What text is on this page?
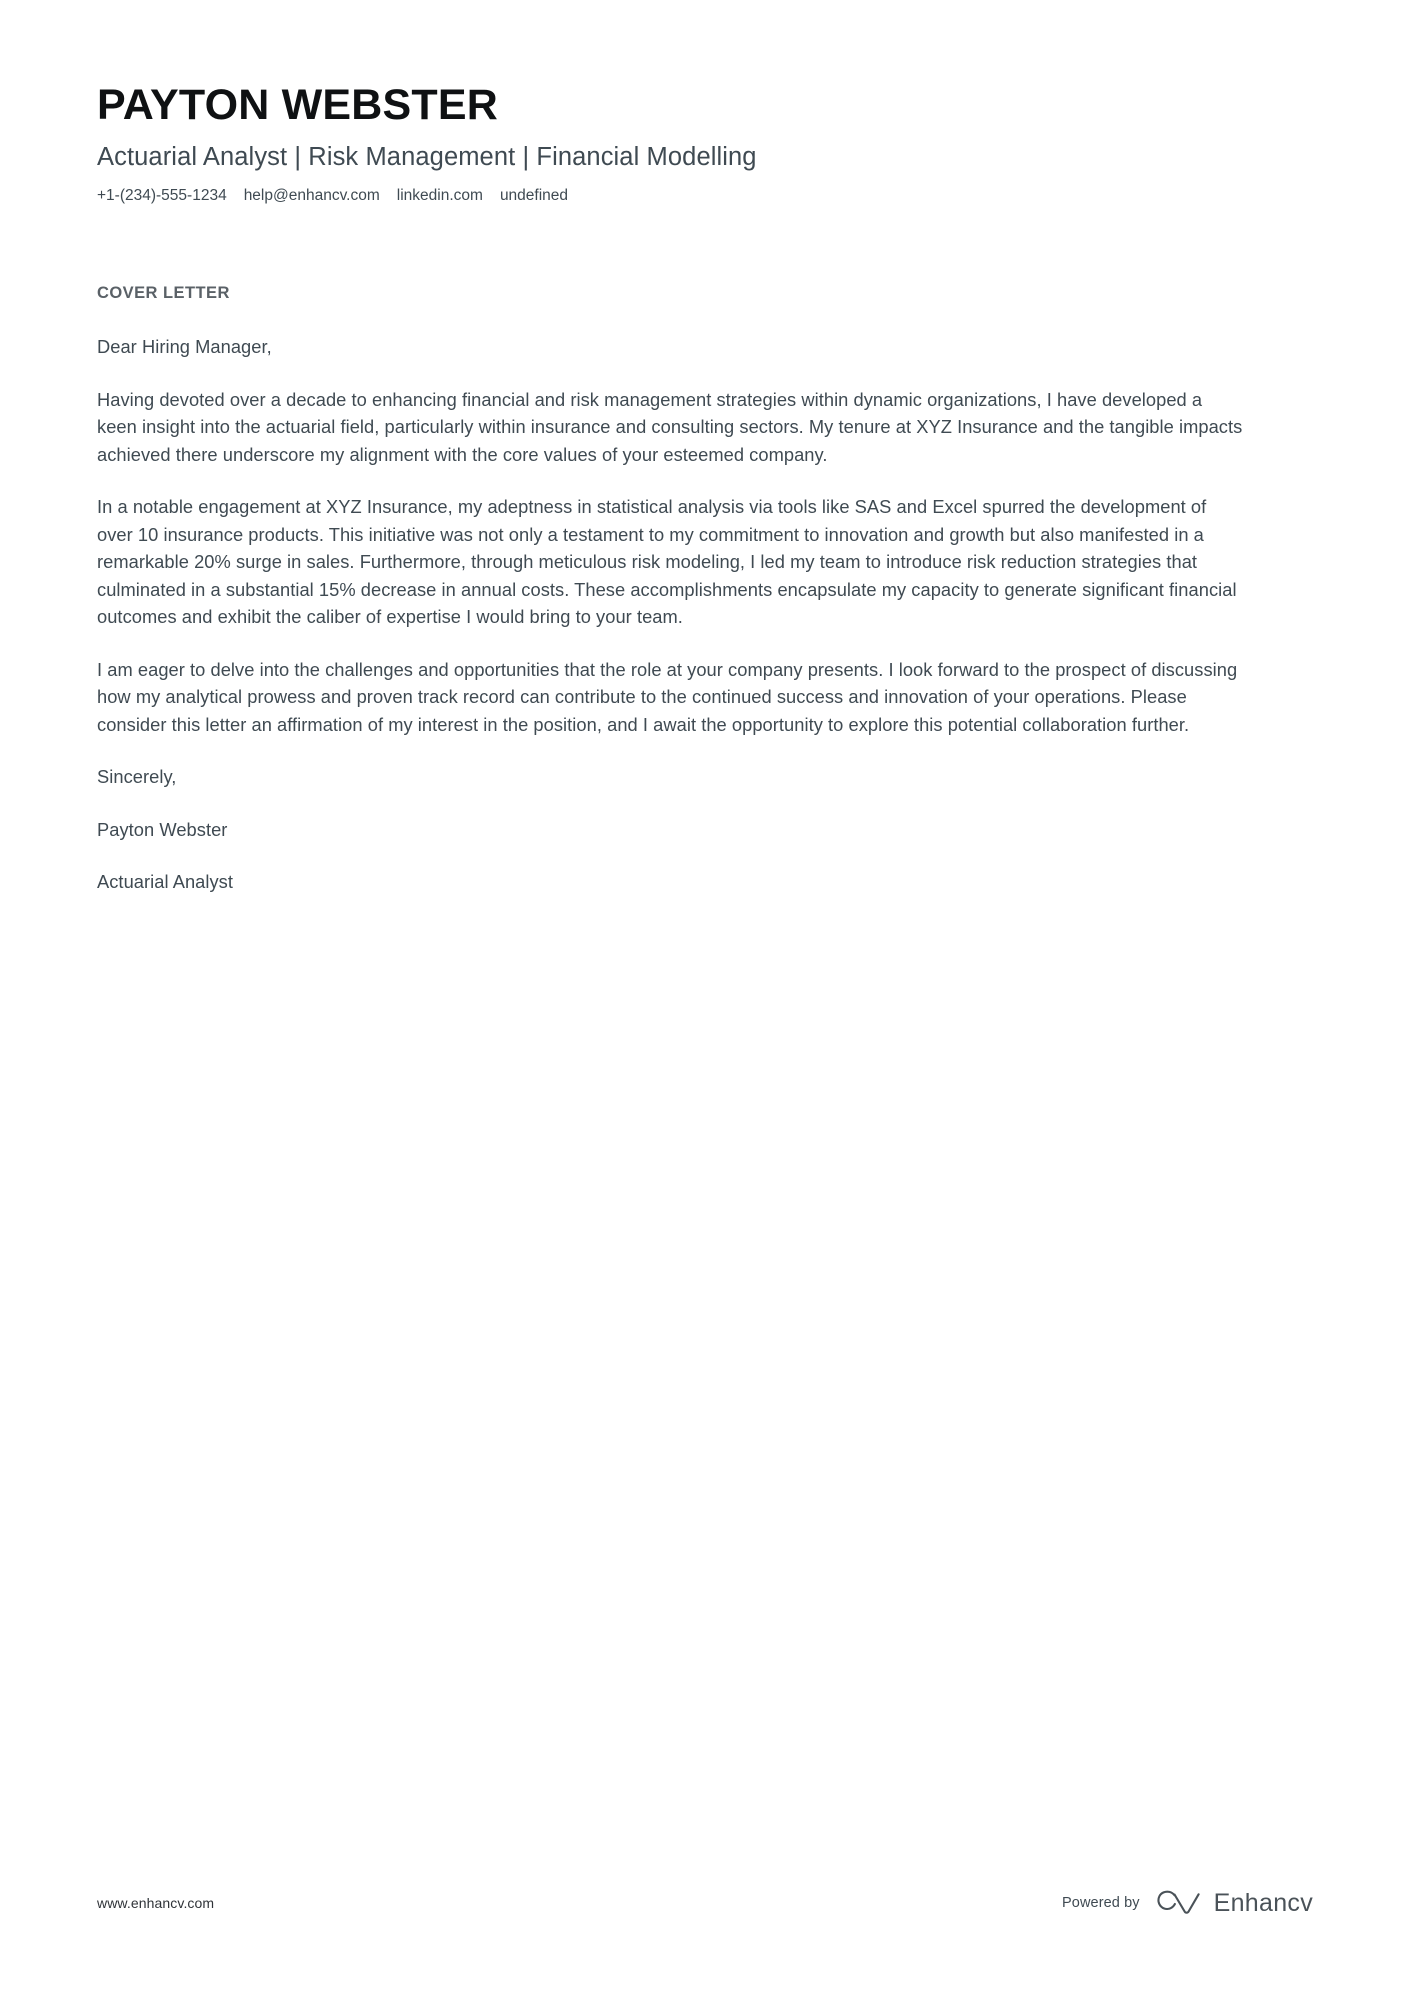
PAYTON WEBSTER
Actuarial Analyst | Risk Management | Financial Modelling
+1-(234)-555-1234 help@enhancv.com linkedin.com undefined
COVER LETTER

Dear Hiring Manager,

Having devoted over a decade to enhancing financial and risk management strategies within dynamic organizations, I have developed a keen insight into the actuarial field, particularly within insurance and consulting sectors. My tenure at XYZ Insurance and the tangible impacts achieved there underscore my alignment with the core values of your esteemed company.

In a notable engagement at XYZ Insurance, my adeptness in statistical analysis via tools like SAS and Excel spurred the development of over 10 insurance products. This initiative was not only a testament to my commitment to innovation and growth but also manifested in a remarkable 20% surge in sales. Furthermore, through meticulous risk modeling, I led my team to introduce risk reduction strategies that culminated in a substantial 15% decrease in annual costs. These accomplishments encapsulate my capacity to generate significant financial outcomes and exhibit the caliber of expertise I would bring to your team.

I am eager to delve into the challenges and opportunities that the role at your company presents. I look forward to the prospect of discussing how my analytical prowess and proven track record can contribute to the continued success and innovation of your operations. Please consider this letter an affirmation of my interest in the position, and I await the opportunity to explore this potential collaboration further.

Sincerely,

Payton Webster

Actuarial Analyst

www.enhancv.com	Powered by	Enhancv
